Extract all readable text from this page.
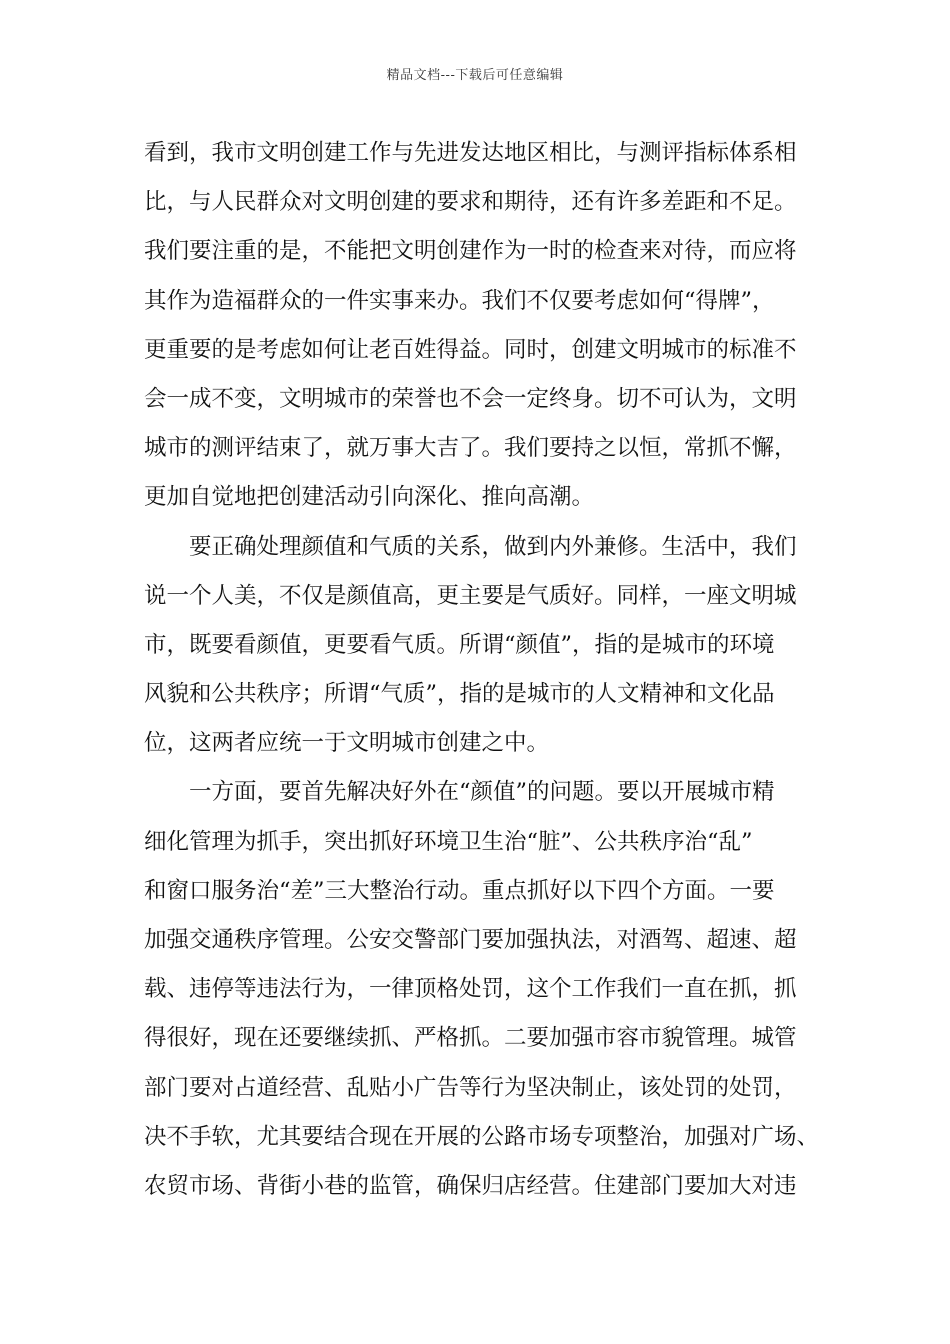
精品文档---下载后可任意编辑
看到，我市文明创建工作与先进发达地区相比，与测评指标体系相
比，与人民群众对文明创建的要求和期待，还有许多差距和不足。
我们要注重的是，不能把文明创建作为一时的检查来对待，而应将
其作为造福群众的一件实事来办。我们不仅要考虑如何“得牌”，
更重要的是考虑如何让老百姓得益。同时，创建文明城市的标准不
会一成不变，文明城市的荣誉也不会一定终身。切不可认为，文明
城市的测评结束了，就万事大吉了。我们要持之以恒，常抓不懈，
更加自觉地把创建活动引向深化、推向高潮。
要正确处理颜值和气质的关系，做到内外兼修。生活中，我们
说一个人美，不仅是颜值高，更主要是气质好。同样，一座文明城
市，既要看颜值，更要看气质。所谓“颜值”，指的是城市的环境
风貌和公共秩序；所谓“气质”，指的是城市的人文精神和文化品
位，这两者应统一于文明城市创建之中。
一方面，要首先解决好外在“颜值”的问题。要以开展城市精
细化管理为抓手，突出抓好环境卫生治“脏”、公共秩序治“乱”
和窗口服务治“差”三大整治行动。重点抓好以下四个方面。一要
加强交通秩序管理。公安交警部门要加强执法，对酒驾、超速、超
载、违停等违法行为，一律顶格处罚，这个工作我们一直在抓，抓
得很好，现在还要继续抓、严格抓。二要加强市容市貌管理。城管
部门要对占道经营、乱贴小广告等行为坚决制止，该处罚的处罚，
决不手软，尤其要结合现在开展的公路市场专项整治，加强对广场、
农贸市场、背街小巷的监管，确保归店经营。住建部门要加大对违
